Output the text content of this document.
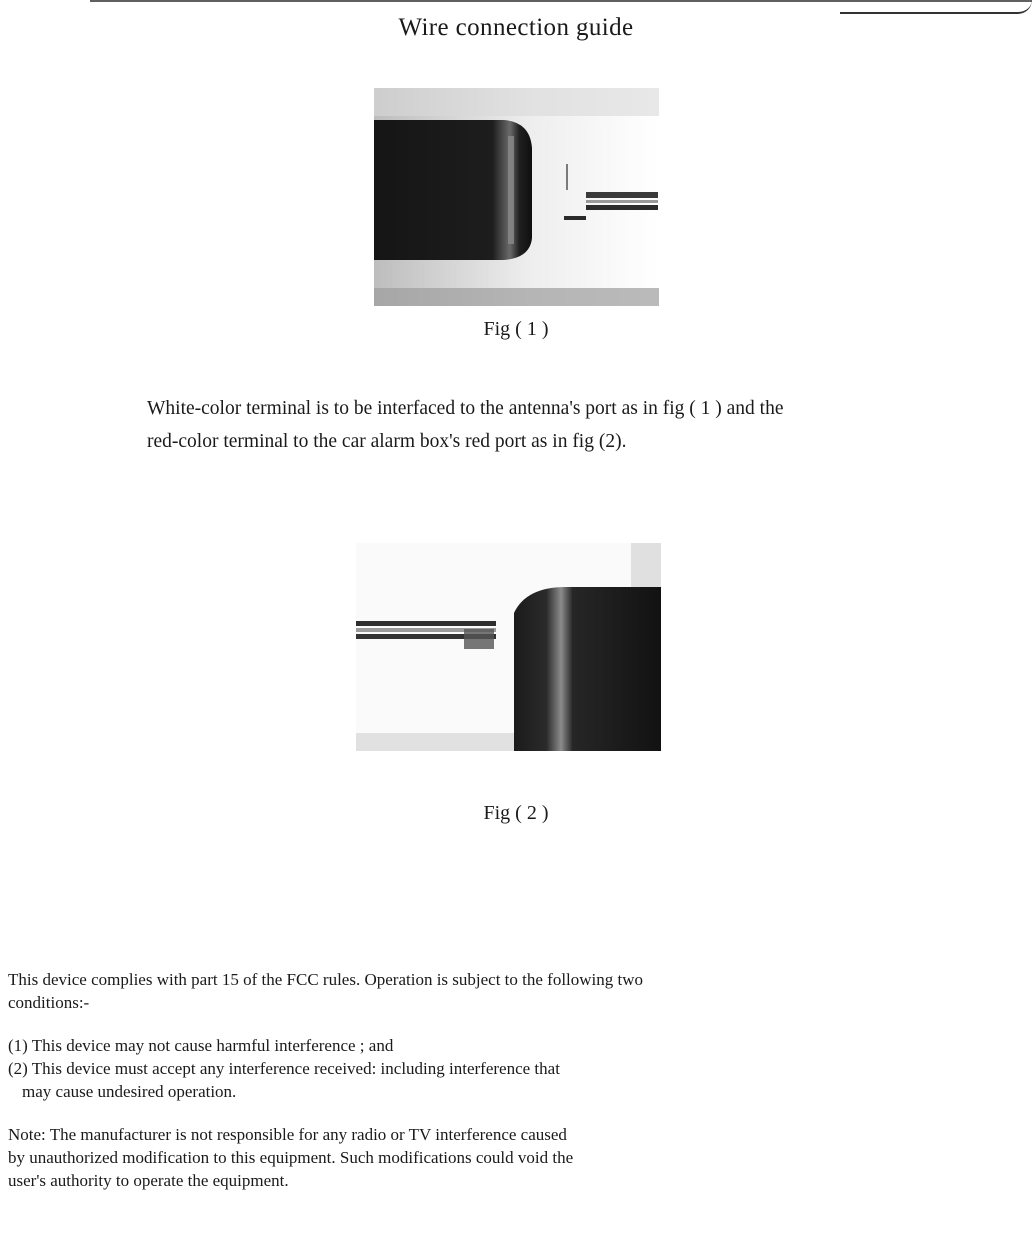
Wire connection guide
Fig ( 1 )

White-color terminal is to be interfaced to the antenna's port as in fig ( 1 ) and the

red-color terminal to the car alarm box's red port as in fig (2).

Fig ( 2 )

This device complies with part 15 of the FCC rules. Operation is subject to the following two

conditions:-

(1) This device may not cause harmful interference ; and

(2) This device must accept any interference received: including interference that

may cause undesired operation.

Note: The manufacturer is not responsible for any radio or TV interference caused

by unauthorized modification to this equipment. Such modifications could void the

user's authority to operate the equipment.
